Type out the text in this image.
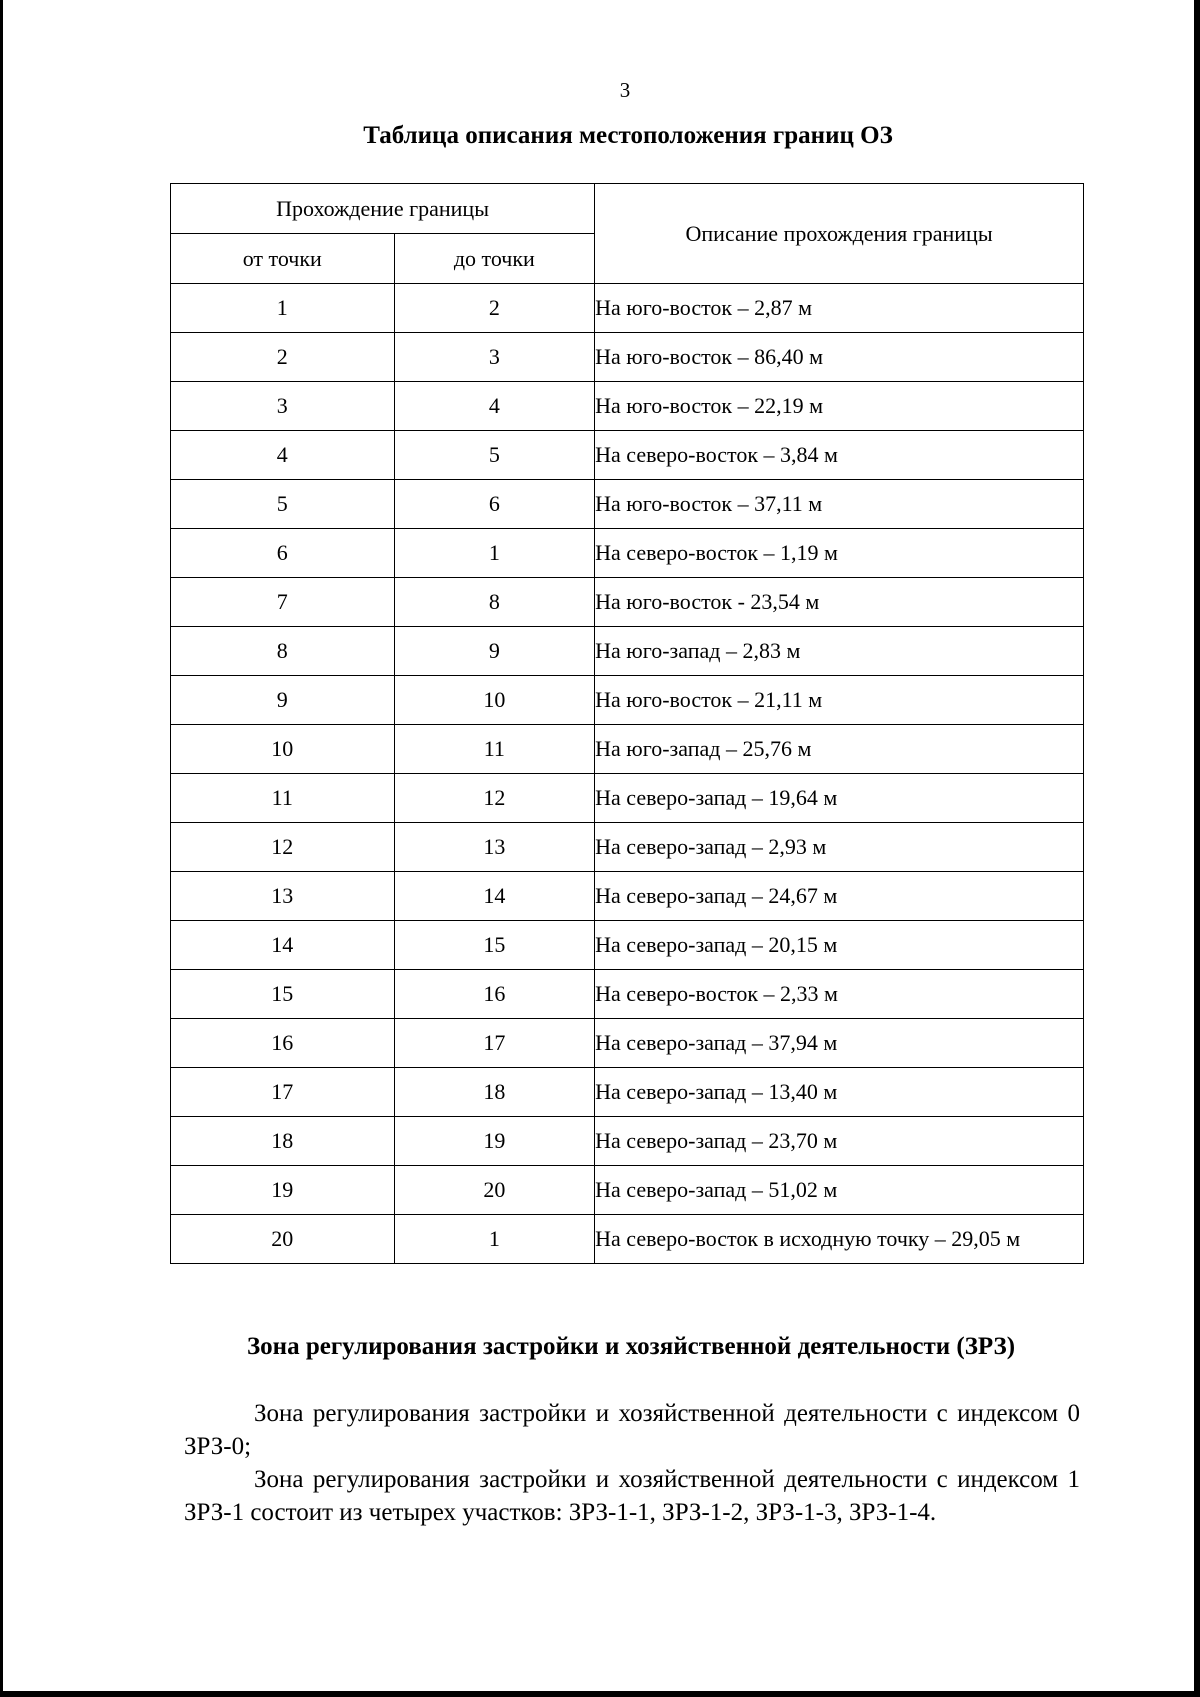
3
Таблица описания местоположения границ ОЗ
Прохождение границы		Описание прохождения границы
от точки	до точки	
1	2	На юго-восток – 2,87 м
2	3	На юго-восток – 86,40 м
3	4	На юго-восток – 22,19 м
4	5	На северо-восток – 3,84 м
5	6	На юго-восток – 37,11 м
6	1	На северо-восток – 1,19 м
7	8	На юго-восток - 23,54 м
8	9	На юго-запад – 2,83 м
9	10	На юго-восток – 21,11 м
10	11	На юго-запад – 25,76 м
11	12	На северо-запад – 19,64 м
12	13	На северо-запад – 2,93 м
13	14	На северо-запад – 24,67 м
14	15	На северо-запад – 20,15 м
15	16	На северо-восток – 2,33 м
16	17	На северо-запад – 37,94 м
17	18	На северо-запад – 13,40 м
18	19	На северо-запад – 23,70 м
19	20	На северо-запад – 51,02 м
20	1	На северо-восток в исходную точку – 29,05 м
Зона регулирования застройки и хозяйственной деятельности (ЗРЗ)

Зона регулирования застройки и хозяйственной деятельности с индексом 0 ЗРЗ-0;

Зона регулирования застройки и хозяйственной деятельности с индексом 1 ЗРЗ-1 состоит из четырех участков: ЗРЗ-1-1, ЗРЗ-1-2, ЗРЗ-1-3, ЗРЗ-1-4.
